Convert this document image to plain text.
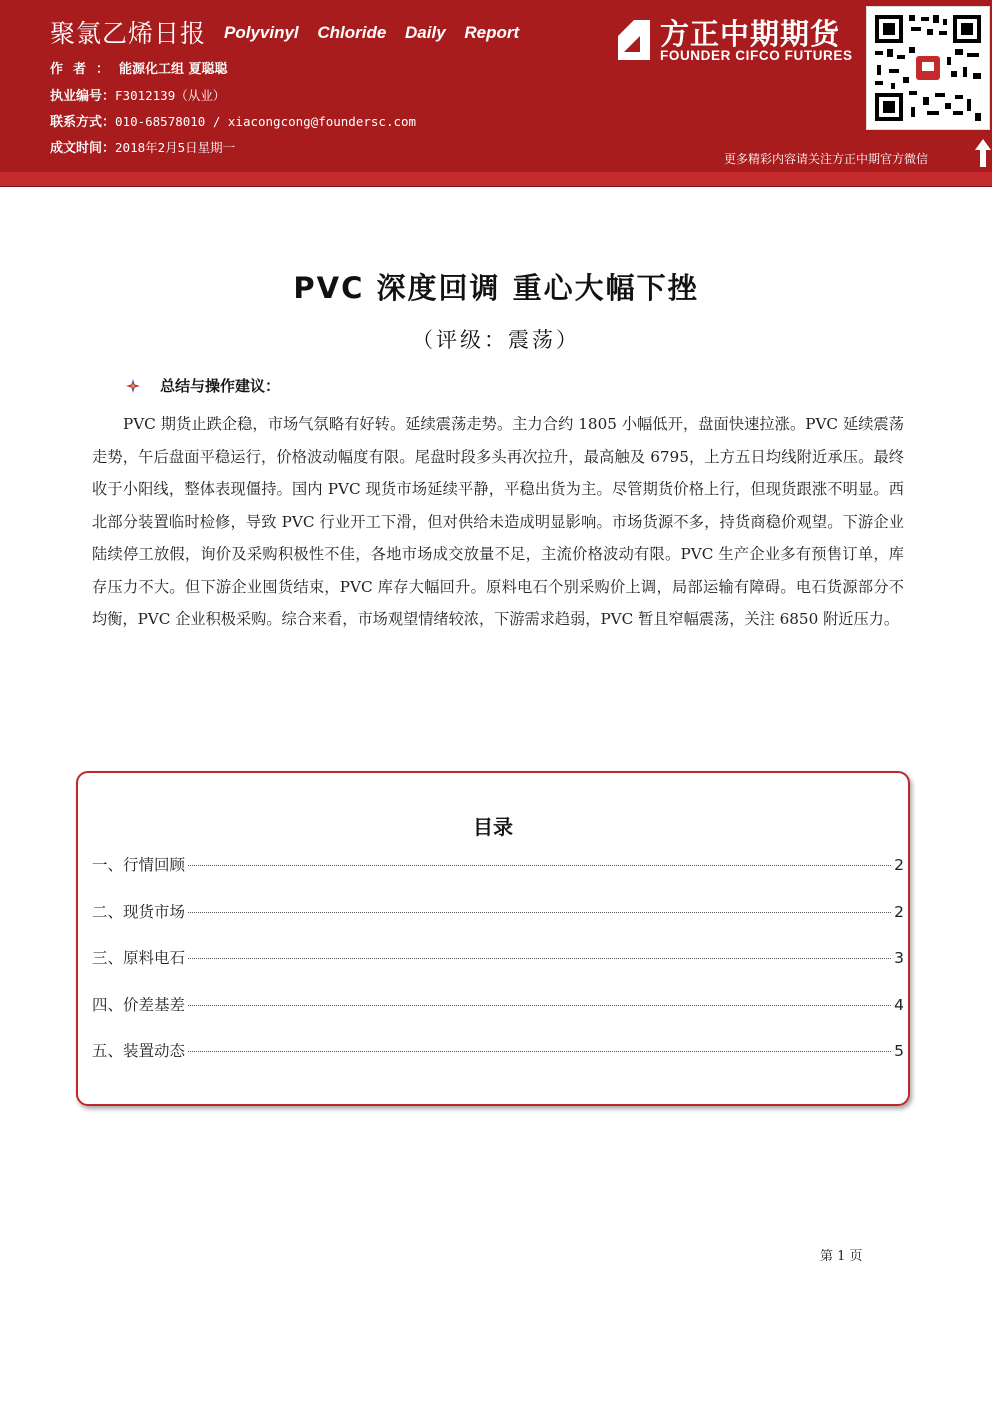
聚氯乙烯日报 Polyvinyl Chloride Daily Report
作者：能源化工组 夏聪聪
执业编号：F3012139（从业）
联系方式：010-68578010 / xiacongcong@foundersc.com
成文时间：2018年2月5日星期一
方正中期期货
FOUNDER CIFCO FUTURES
更多精彩内容请关注方正中期官方微信
PVC 深度回调 重心大幅下挫
（评级：震荡）
总结与操作建议：

PVC 期货止跌企稳，市场气氛略有好转。延续震荡走势。主力合约 1805 小幅低开，盘面快速拉涨。PVC 延续震荡走势，午后盘面平稳运行，价格波动幅度有限。尾盘时段多头再次拉升，最高触及 6795，上方五日均线附近承压。最终收于小阳线，整体表现僵持。国内 PVC 现货市场延续平静，平稳出货为主。尽管期货价格上行，但现货跟涨不明显。西北部分装置临时检修，导致 PVC 行业开工下滑，但对供给未造成明显影响。市场货源不多，持货商稳价观望。下游企业陆续停工放假，询价及采购积极性不佳，各地市场成交放量不足，主流价格波动有限。PVC 生产企业多有预售订单，库存压力不大。但下游企业囤货结束，PVC 库存大幅回升。原料电石个别采购价上调，局部运输有障碍。电石货源部分不均衡，PVC 企业积极采购。综合来看，市场观望情绪较浓，下游需求趋弱，PVC 暂且窄幅震荡，关注 6850 附近压力。

目录
一、行情回顾	2
二、现货市场	2
三、原料电石	3
四、价差基差	4
五、装置动态	5
第 1 页
